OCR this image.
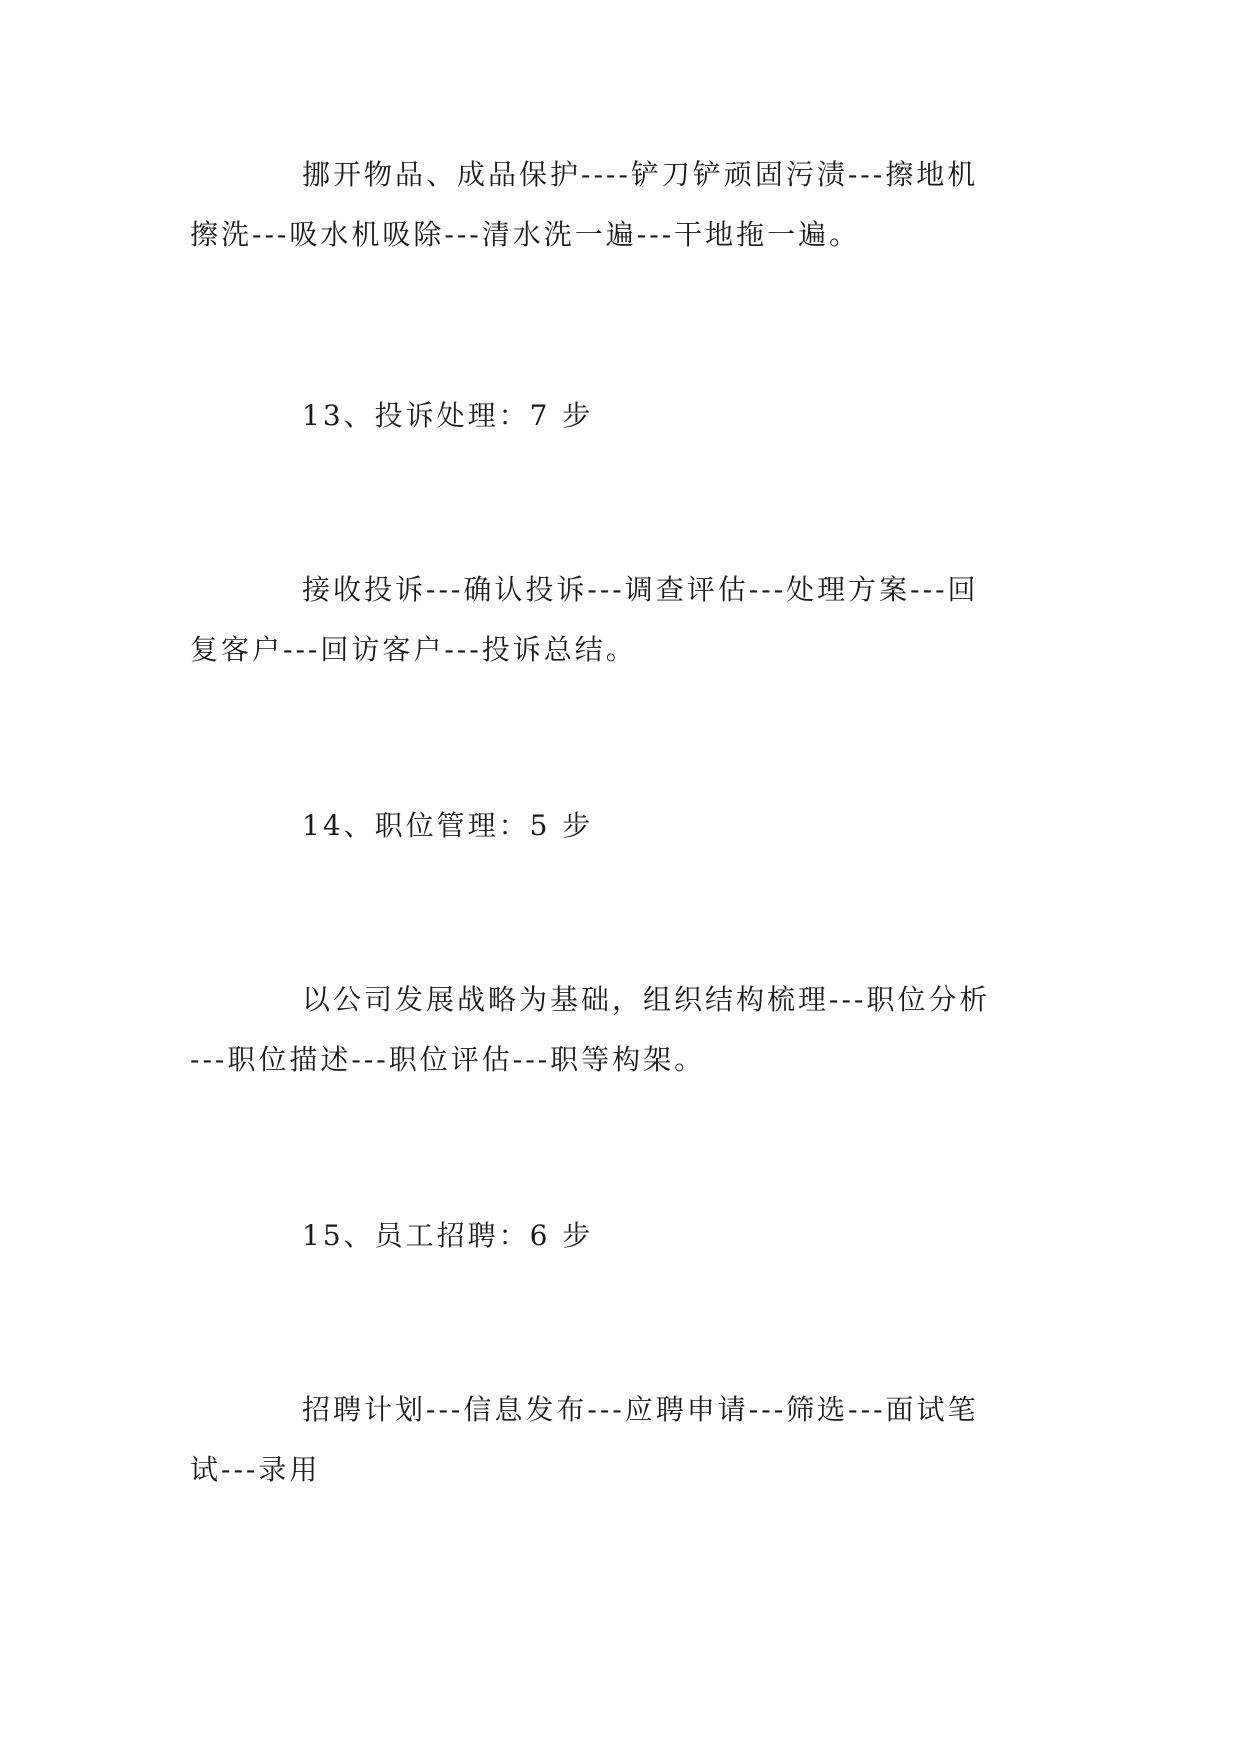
挪开物品、成品保护----铲刀铲顽固污渍---擦地机
擦洗---吸水机吸除---清水洗一遍---干地拖一遍。

13、投诉处理：7 步

接收投诉---确认投诉---调查评估---处理方案---回
复客户---回访客户---投诉总结。

14、职位管理：5 步

以公司发展战略为基础，组织结构梳理---职位分析
---职位描述---职位评估---职等构架。

15、员工招聘：6 步

招聘计划---信息发布---应聘申请---筛选---面试笔
试---录用
